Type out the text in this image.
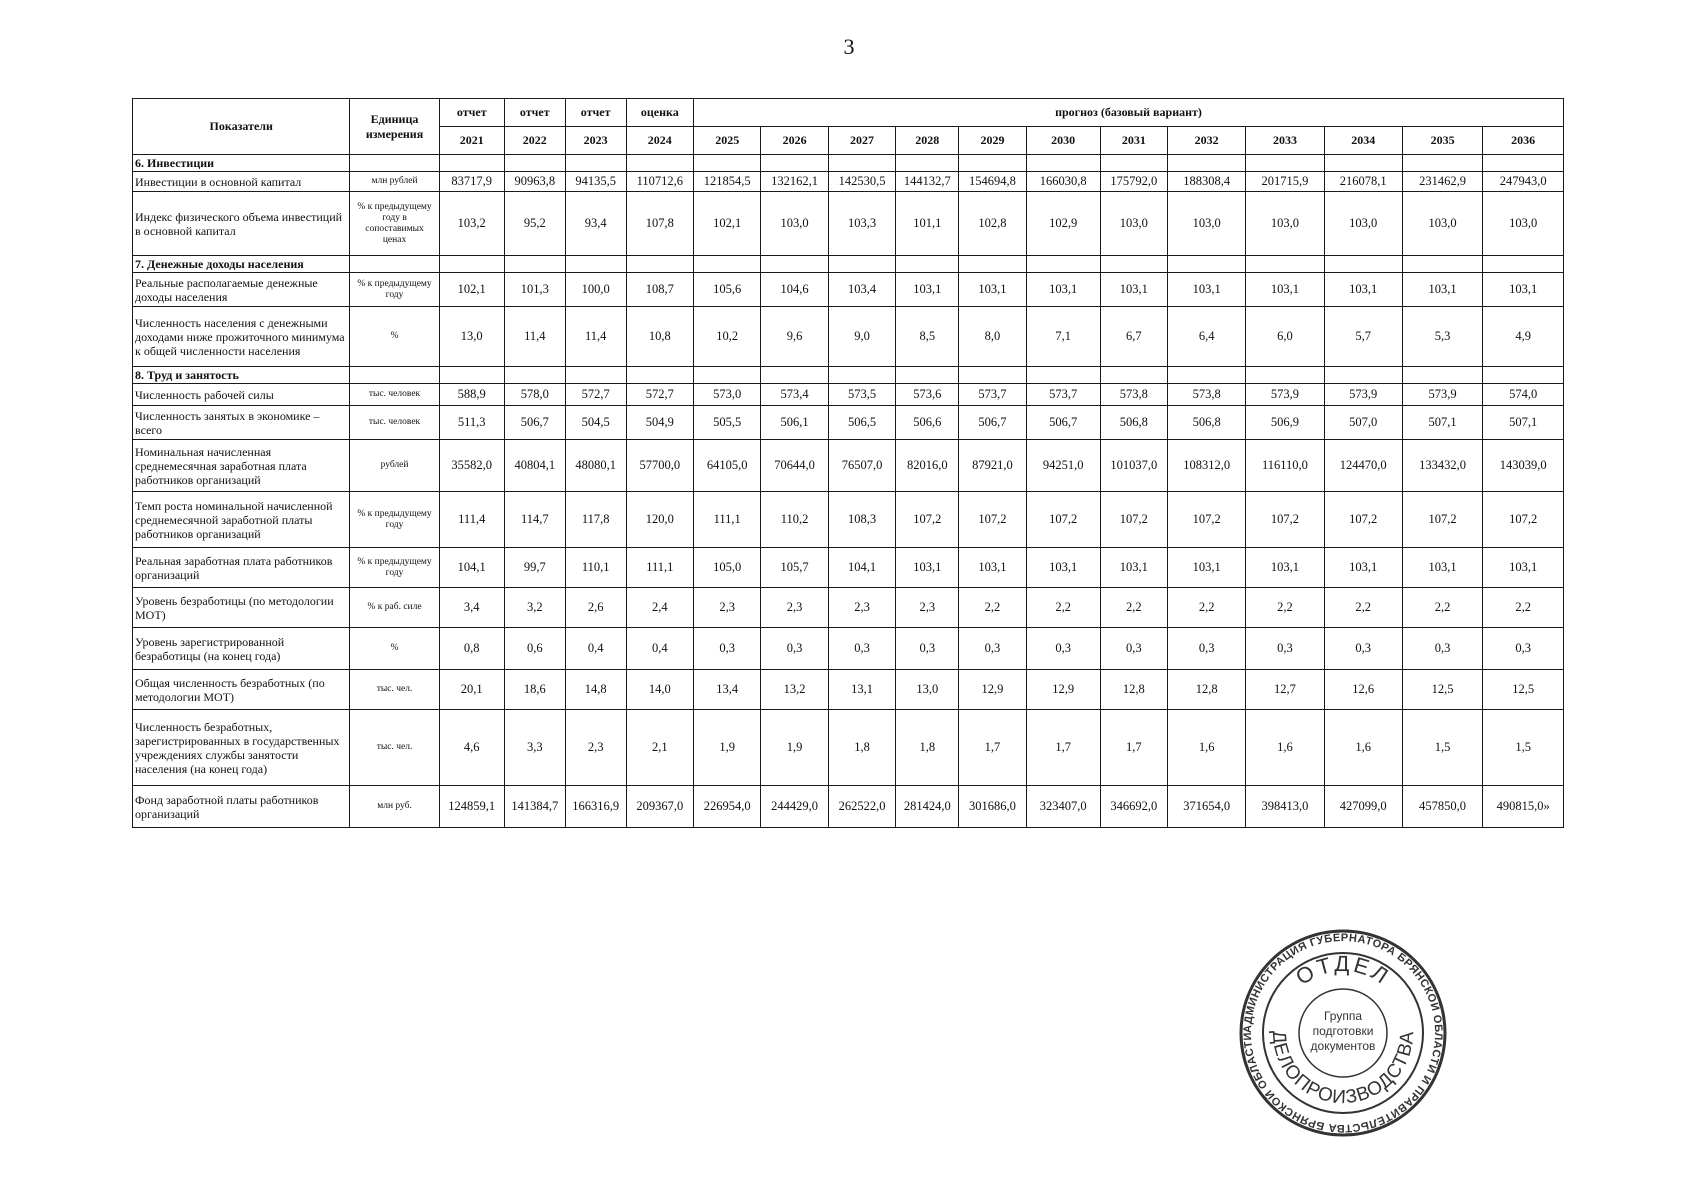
3
Показатели	Единица измерения	отчет	отчет	отчет	оценка	прогноз (базовый вариант)											
		2021	2022	2023	2024	2025	2026	2027	2028	2029	2030	2031	2032	2033	2034	2035	2036
6. Инвестиции																	
Инвестиции в основной капитал	млн рублей	83717,9	90963,8	94135,5	110712,6	121854,5	132162,1	142530,5	144132,7	154694,8	166030,8	175792,0	188308,4	201715,9	216078,1	231462,9	247943,0
Индекс физического объема инвестиций в основной капитал	% к предыдущему году в сопоставимых ценах	103,2	95,2	93,4	107,8	102,1	103,0	103,3	101,1	102,8	102,9	103,0	103,0	103,0	103,0	103,0	103,0
7. Денежные доходы населения																	
Реальные располагаемые денежные доходы населения	% к предыдущему году	102,1	101,3	100,0	108,7	105,6	104,6	103,4	103,1	103,1	103,1	103,1	103,1	103,1	103,1	103,1	103,1
Численность населения с денежными доходами ниже прожиточного минимума к общей численности населения	%	13,0	11,4	11,4	10,8	10,2	9,6	9,0	8,5	8,0	7,1	6,7	6,4	6,0	5,7	5,3	4,9
8. Труд и занятость																	
Численность рабочей силы	тыс. человек	588,9	578,0	572,7	572,7	573,0	573,4	573,5	573,6	573,7	573,7	573,8	573,8	573,9	573,9	573,9	574,0
Численность занятых в экономике – всего	тыс. человек	511,3	506,7	504,5	504,9	505,5	506,1	506,5	506,6	506,7	506,7	506,8	506,8	506,9	507,0	507,1	507,1
Номинальная начисленная среднемесячная заработная плата работников организаций	рублей	35582,0	40804,1	48080,1	57700,0	64105,0	70644,0	76507,0	82016,0	87921,0	94251,0	101037,0	108312,0	116110,0	124470,0	133432,0	143039,0
Темп роста номинальной начисленной среднемесячной заработной платы работников организаций	% к предыдущему году	111,4	114,7	117,8	120,0	111,1	110,2	108,3	107,2	107,2	107,2	107,2	107,2	107,2	107,2	107,2	107,2
Реальная заработная плата работников организаций	% к предыдущему году	104,1	99,7	110,1	111,1	105,0	105,7	104,1	103,1	103,1	103,1	103,1	103,1	103,1	103,1	103,1	103,1
Уровень безработицы (по методологии МОТ)	% к раб. силе	3,4	3,2	2,6	2,4	2,3	2,3	2,3	2,3	2,2	2,2	2,2	2,2	2,2	2,2	2,2	2,2
Уровень зарегистрированной безработицы (на конец года)	%	0,8	0,6	0,4	0,4	0,3	0,3	0,3	0,3	0,3	0,3	0,3	0,3	0,3	0,3	0,3	0,3
Общая численность безработных (по методологии МОТ)	тыс. чел.	20,1	18,6	14,8	14,0	13,4	13,2	13,1	13,0	12,9	12,9	12,8	12,8	12,7	12,6	12,5	12,5
Численность безработных, зарегистрированных в государственных учреждениях службы занятости населения (на конец года)	тыс. чел.	4,6	3,3	2,3	2,1	1,9	1,9	1,8	1,8	1,7	1,7	1,7	1,6	1,6	1,6	1,5	1,5
Фонд заработной платы работников организаций	млн руб.	124859,1	141384,7	166316,9	209367,0	226954,0	244429,0	262522,0	281424,0	301686,0	323407,0	346692,0	371654,0	398413,0	427099,0	457850,0	490815,0»
АДМИНИСТРАЦИЯ ГУБЕРНАТОРА БРЯНСКОЙ ОБЛАСТИ И ПРАВИТЕЛЬСТВА БРЯНСКОЙ ОБЛАСТИ
ОТДЕЛ
ДЕЛОПРОИЗВОДСТВА
Группа подготовки документов
